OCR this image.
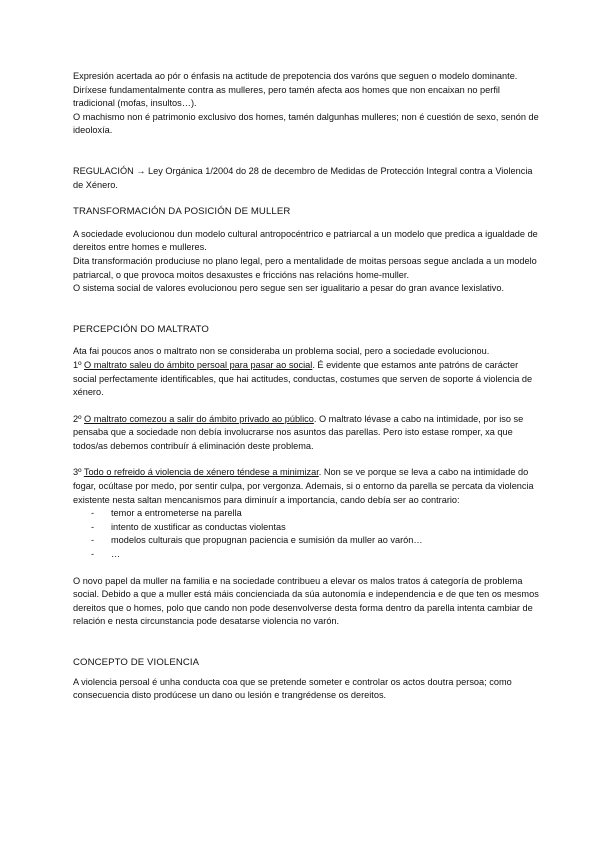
Expresión acertada ao pór o énfasis na actitude de prepotencia dos varóns que seguen o modelo dominante.

Diríxese fundamentalmente contra as mulleres, pero tamén afecta aos homes que non encaixan no perfil tradicional (mofas, insultos…).

O machismo non é patrimonio exclusivo dos homes, tamén dalgunhas mulleres; non é cuestión de sexo, senón de ideoloxía.

REGULACIÓN → Ley Orgánica 1/2004 do 28 de decembro de Medidas de Protección Integral contra a Violencia de Xénero.

TRANSFORMACIÓN DA POSICIÓN DE MULLER

A sociedade evolucionou dun modelo cultural antropocéntrico e patriarcal a un modelo que predica a igualdade de dereitos entre homes e mulleres.

Dita transformación produciuse no plano legal, pero a mentalidade de moitas persoas segue anclada a un modelo patriarcal, o que provoca moitos desaxustes e friccións nas relacións home-muller.

O sistema social de valores evolucionou pero segue sen ser igualitario a pesar do gran avance lexislativo.

PERCEPCIÓN DO MALTRATO

Ata fai poucos anos o maltrato non se consideraba un problema social, pero a sociedade evolucionou.

1º O maltrato saleu do ámbito persoal para pasar ao social. É evidente que estamos ante patróns de carácter social perfectamente identificables, que hai actitudes, conductas, costumes que serven de soporte á violencia de xénero.

2º O maltrato comezou a salir do ámbito privado ao público. O maltrato lévase a cabo na intimidade, por iso se pensaba que a sociedade non debía involucrarse nos asuntos das parellas. Pero isto estase romper, xa que todos/as debemos contribuír á eliminación deste problema.

3º Todo o refreido á violencia de xénero téndese a minimizar. Non se ve porque se leva a cabo na intimidade do fogar, ocúltase por medo, por sentir culpa, por vergonza. Ademais, si o entorno da parella se percata da violencia existente nesta saltan mencanismos para diminuír a importancia, cando debía ser ao contrario:

- temor a entrometerse na parella
- intento de xustificar as conductas violentas
- modelos culturais que propugnan paciencia e sumisión da muller ao varón…
- …

O novo papel da muller na familia e na sociedade contribueu a elevar os malos tratos á categoría de problema social. Debido a que a muller está máis concienciada da súa autonomía e independencia e de que ten os mesmos dereitos que o homes, polo que cando non pode desenvolverse desta forma dentro da parella intenta cambiar de relación e nesta circunstancia pode desatarse violencia no varón.

CONCEPTO DE VIOLENCIA

A violencia persoal é unha conducta coa que se pretende someter e controlar os actos doutra persoa; como consecuencia disto prodúcese un dano ou lesión e trangrédense os dereitos.
